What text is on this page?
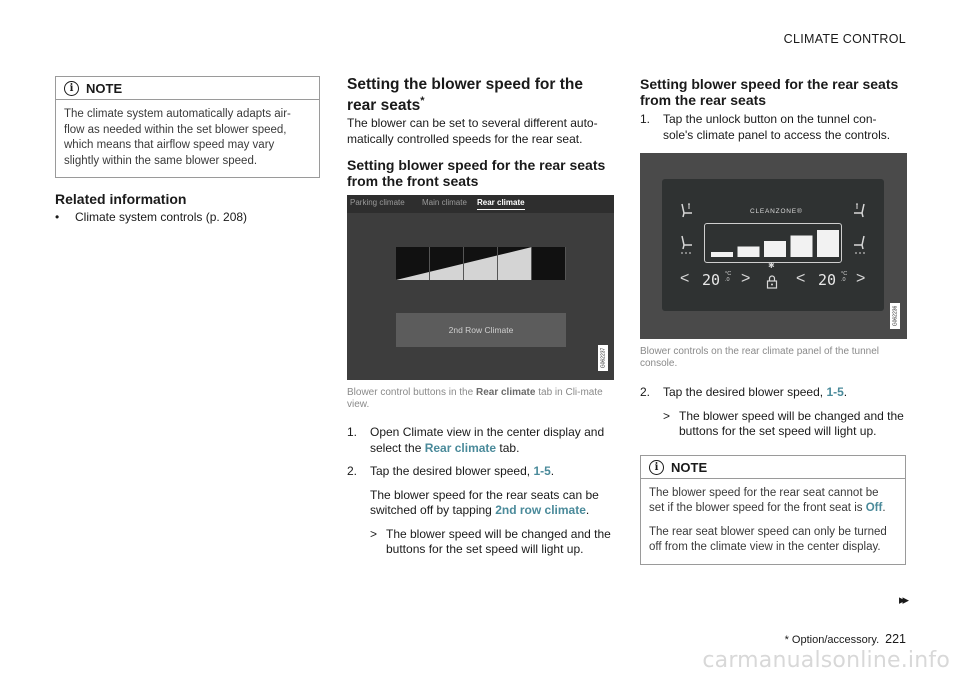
CLIMATE CONTROL
i NOTE

The climate system automatically adapts air-flow as needed within the set blower speed, which means that airflow speed may vary slightly within the same blower speed.

Related information
•	Climate system controls (p. 208)
Setting the blower speed for the rear seats*

The blower can be set to several different auto-matically controlled speeds for the rear seat.

Setting blower speed for the rear seats from the front seats
Parking climate Main climate Rear climate
2nd Row Climate
G062237

Blower control buttons in the Rear climate tab in Cli-mate view.

1.	Open Climate view in the center display and select the Rear climate tab.
2.	Tap the desired blower speed, 1-5.

The blower speed for the rear seats can be switched off by tapping 2nd row climate.

> The blower speed will be changed and the buttons for the set speed will light up.
Setting blower speed for the rear seats from the rear seats
1.	Tap the unlock button on the tunnel con-sole's climate panel to access the controls.
CLEANZONE®
✱
< 20 °C
.0 >	< 20 °C
.0 >
G062236

Blower controls on the rear climate panel of the tunnel console.

2.	Tap the desired blower speed, 1-5.
> The blower speed will be changed and the buttons for the set speed will light up.
i NOTE

The blower speed for the rear seat cannot be set if the blower speed for the front seat is Off.

The rear seat blower speed can only be turned off from the climate view in the center display.

▸▸
* Option/accessory. 221
carmanualsonline.info
